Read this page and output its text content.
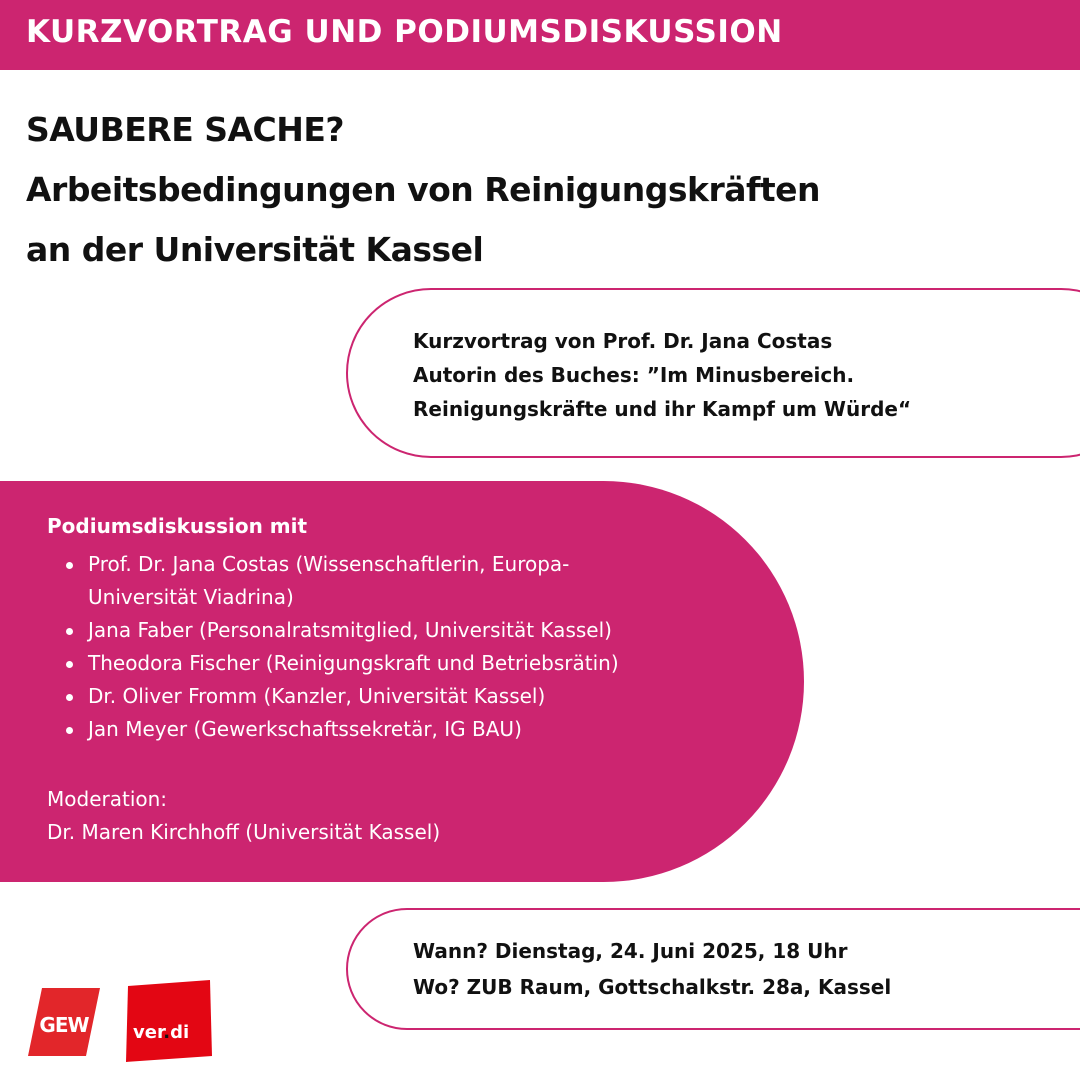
KURZVORTRAG UND PODIUMSDISKUSSION
SAUBERE SACHE?
Arbeitsbedingungen von Reinigungskräften
an der Universität Kassel
Kurzvortrag von Prof. Dr. Jana Costas
Autorin des Buches: ”Im Minusbereich.
Reinigungskräfte und ihr Kampf um Würde“
Podiumsdiskussion mit
Prof. Dr. Jana Costas (Wissenschaftlerin, Europa-
Universität Viadrina)
Jana Faber (Personalratsmitglied, Universität Kassel)
Theodora Fischer (Reinigungskraft und Betriebsrätin)
Dr. Oliver Fromm (Kanzler, Universität Kassel)
Jan Meyer (Gewerkschaftssekretär, IG BAU)
Moderation:
Dr. Maren Kirchhoff (Universität Kassel)
Wann? Dienstag, 24. Juni 2025, 18 Uhr
Wo? ZUB Raum, Gottschalkstr. 28a, Kassel
GEW ver.di
